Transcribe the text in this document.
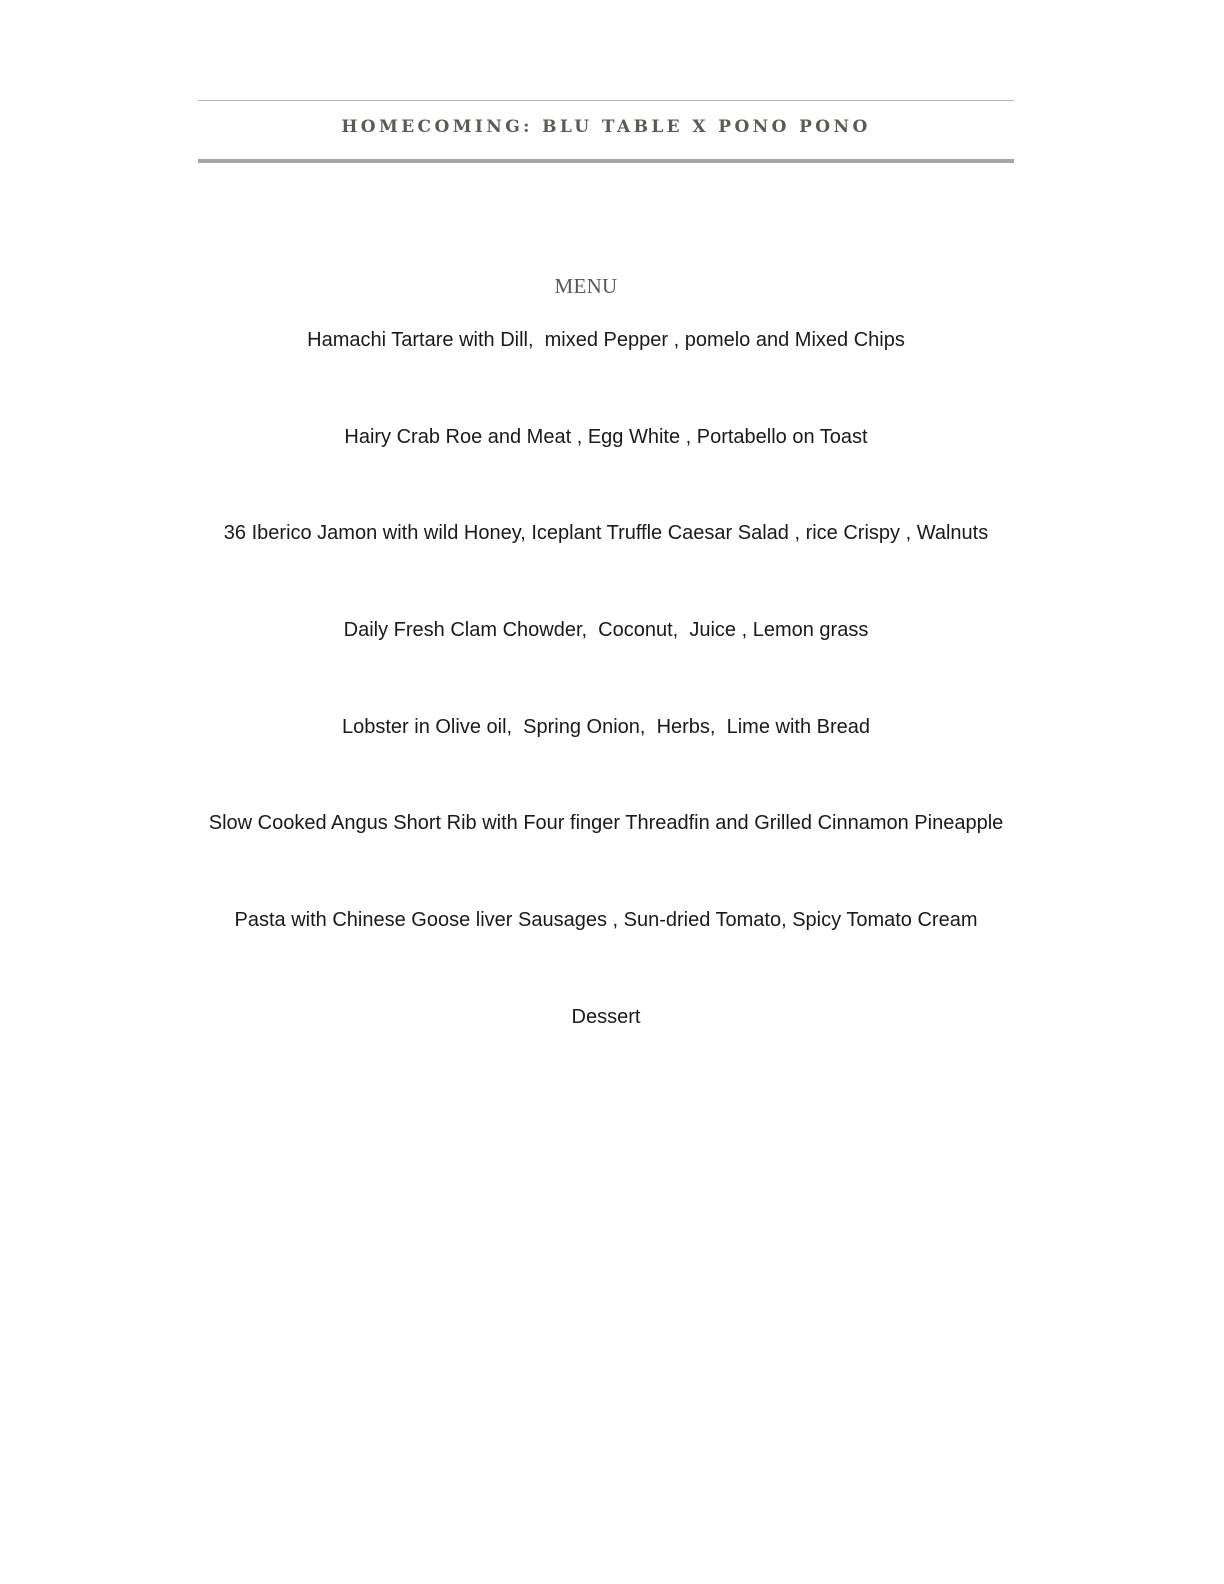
HOMECOMING: BLU TABLE X PONO PONO
MENU
Hamachi Tartare with Dill,  mixed Pepper , pomelo and Mixed Chips
Hairy Crab Roe and Meat , Egg White , Portabello on Toast
36 Iberico Jamon with wild Honey, Iceplant Truffle Caesar Salad , rice Crispy , Walnuts
Daily Fresh Clam Chowder,  Coconut,  Juice , Lemon grass
Lobster in Olive oil,  Spring Onion,  Herbs,  Lime with Bread
Slow Cooked Angus Short Rib with Four finger Threadfin and Grilled Cinnamon Pineapple
Pasta with Chinese Goose liver Sausages , Sun-dried Tomato, Spicy Tomato Cream
Dessert
